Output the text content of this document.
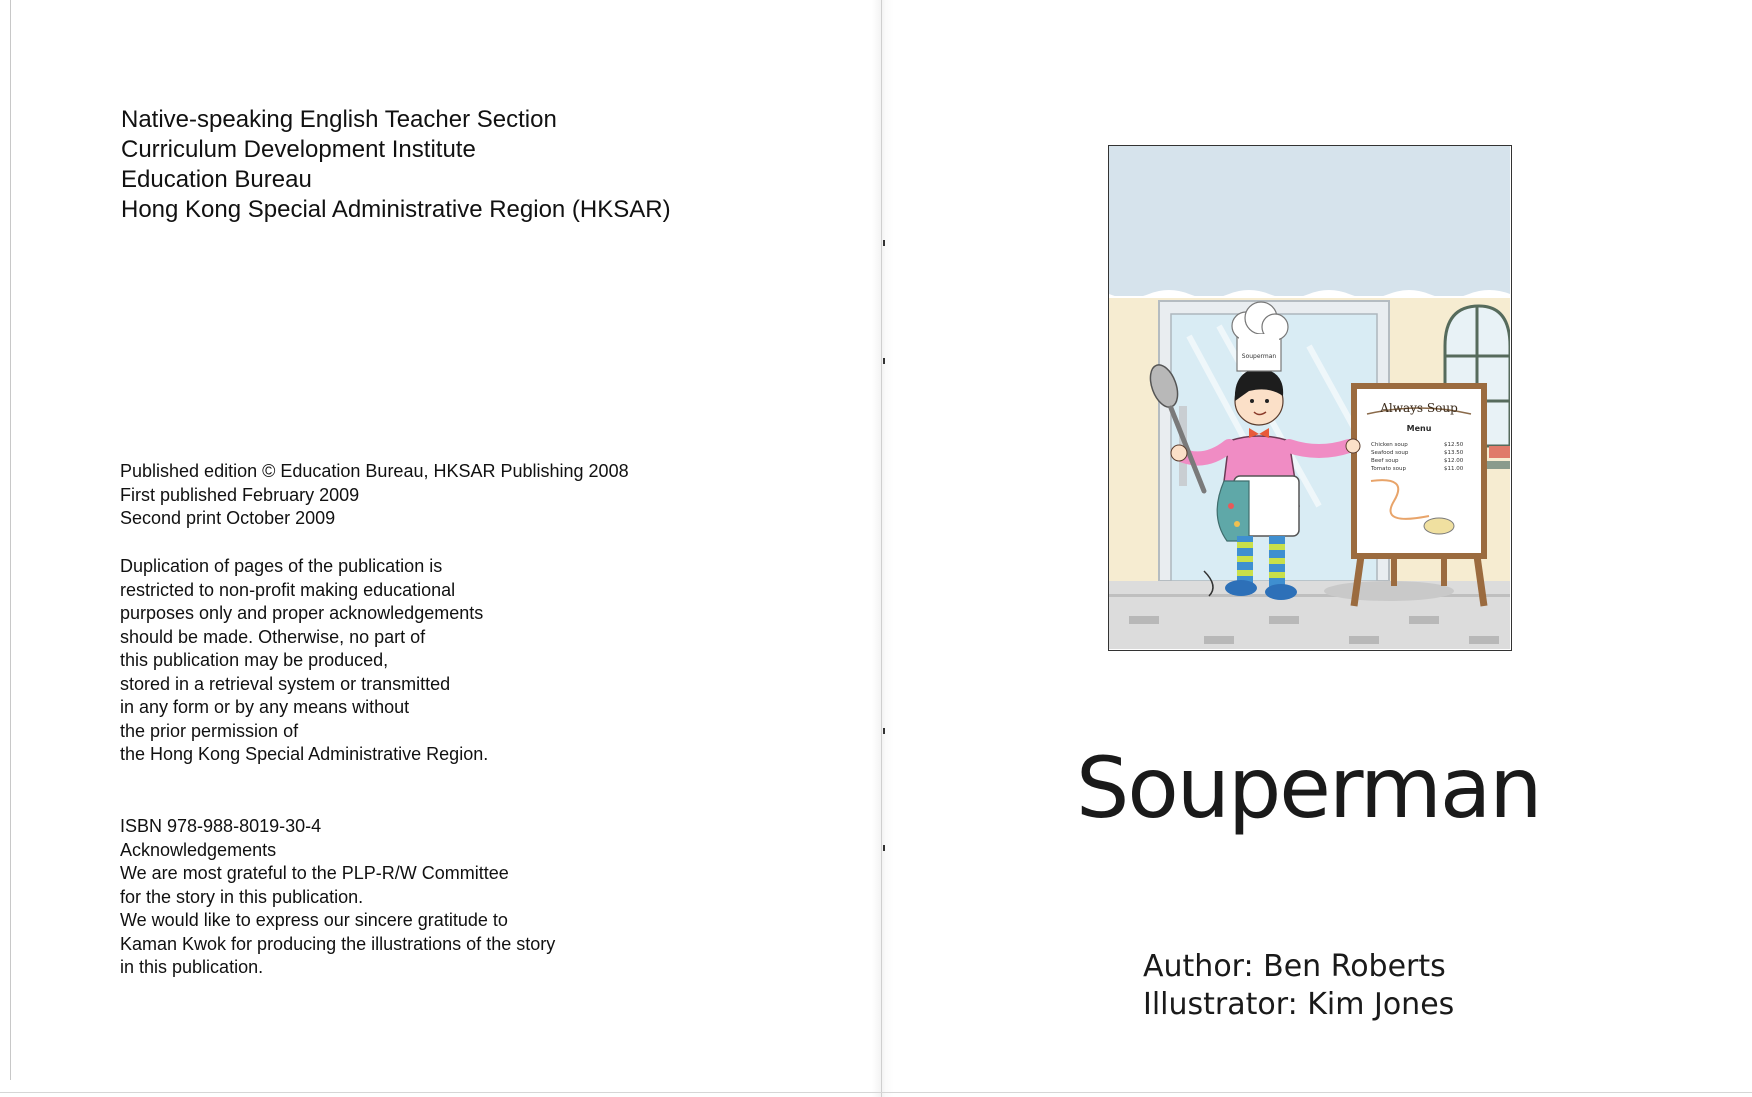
Native-speaking English Teacher Section
Curriculum Development Institute
Education Bureau
Hong Kong Special Administrative Region (HKSAR)
Published edition © Education Bureau, HKSAR Publishing 2008
First published February 2009
Second print October 2009
Duplication of pages of the publication is
restricted to non-profit making educational
purposes only and proper acknowledgements
should be made. Otherwise, no part of
this publication may be produced,
stored in a retrieval system or transmitted
in any form or by any means without
the prior permission of
the Hong Kong Special Administrative Region.
ISBN 978-988-8019-30-4
Acknowledgements
We are most grateful to the PLP-R/W Committee
for the story in this publication.
We would like to express our sincere gratitude to
Kaman Kwok for producing the illustrations of the story
in this publication.
Always Soup
Menu
Chicken soup	$12.50
Seafood soup	$13.50
Beef soup	$12.00
Tomato soup	$11.00
Souperman
Souperman
Author: Ben Roberts
Illustrator: Kim Jones
